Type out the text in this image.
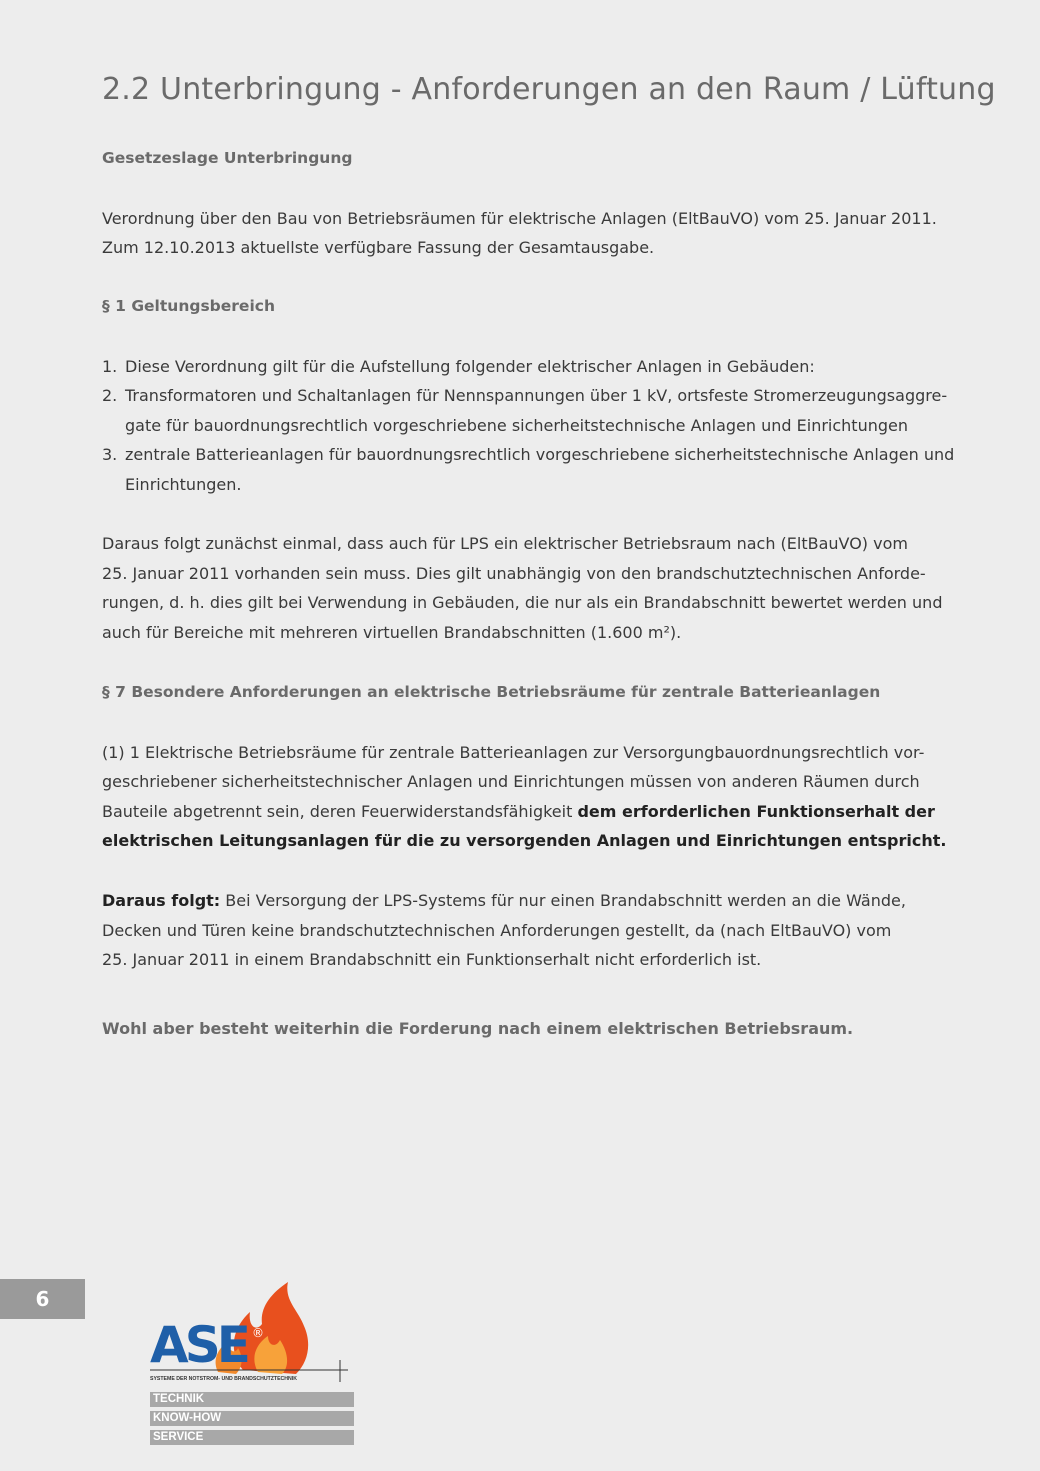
2.2 Unterbringung - Anforderungen an den Raum / Lüftung
Gesetzeslage Unterbringung
Verordnung über den Bau von Betriebsräumen für elektrische Anlagen (EltBauVO) vom 25. Januar 2011.
Zum 12.10.2013 aktuellste verfügbare Fassung der Gesamtausgabe.
§ 1 Geltungsbereich
1. Diese Verordnung gilt für die Aufstellung folgender elektrischer Anlagen in Gebäuden:
2. Transformatoren und Schaltanlagen für Nennspannungen über 1 kV, ortsfeste Stromerzeugungsaggre-
gate für bauordnungsrechtlich vorgeschriebene sicherheitstechnische Anlagen und Einrichtungen
3. zentrale Batterieanlagen für bauordnungsrechtlich vorgeschriebene sicherheitstechnische Anlagen und
Einrichtungen.
Daraus folgt zunächst einmal, dass auch für LPS ein elektrischer Betriebsraum nach (EltBauVO) vom
25. Januar 2011 vorhanden sein muss. Dies gilt unabhängig von den brandschutztechnischen Anforde-
rungen, d. h. dies gilt bei Verwendung in Gebäuden, die nur als ein Brandabschnitt bewertet werden und
auch für Bereiche mit mehreren virtuellen Brandabschnitten (1.600 m²).
§ 7 Besondere Anforderungen an elektrische Betriebsräume für zentrale Batterieanlagen
(1) 1 Elektrische Betriebsräume für zentrale Batterieanlagen zur Versorgungbauordnungsrechtlich vor-
geschriebener sicherheitstechnischer Anlagen und Einrichtungen müssen von anderen Räumen durch
Bauteile abgetrennt sein, deren Feuerwiderstandsfähigkeit dem erforderlichen Funktionserhalt der
elektrischen Leitungsanlagen für die zu versorgenden Anlagen und Einrichtungen entspricht.
Daraus folgt: Bei Versorgung der LPS-Systems für nur einen Brandabschnitt werden an die Wände,
Decken und Türen keine brandschutztechnischen Anforderungen gestellt, da (nach EltBauVO) vom
25. Januar 2011 in einem Brandabschnitt ein Funktionserhalt nicht erforderlich ist.
Wohl aber besteht weiterhin die Forderung nach einem elektrischen Betriebsraum.
6
ASE ®
SYSTEME DER NOTSTROM- UND BRANDSCHUTZTECHNIK
TECHNIK
KNOW-HOW
SERVICE
